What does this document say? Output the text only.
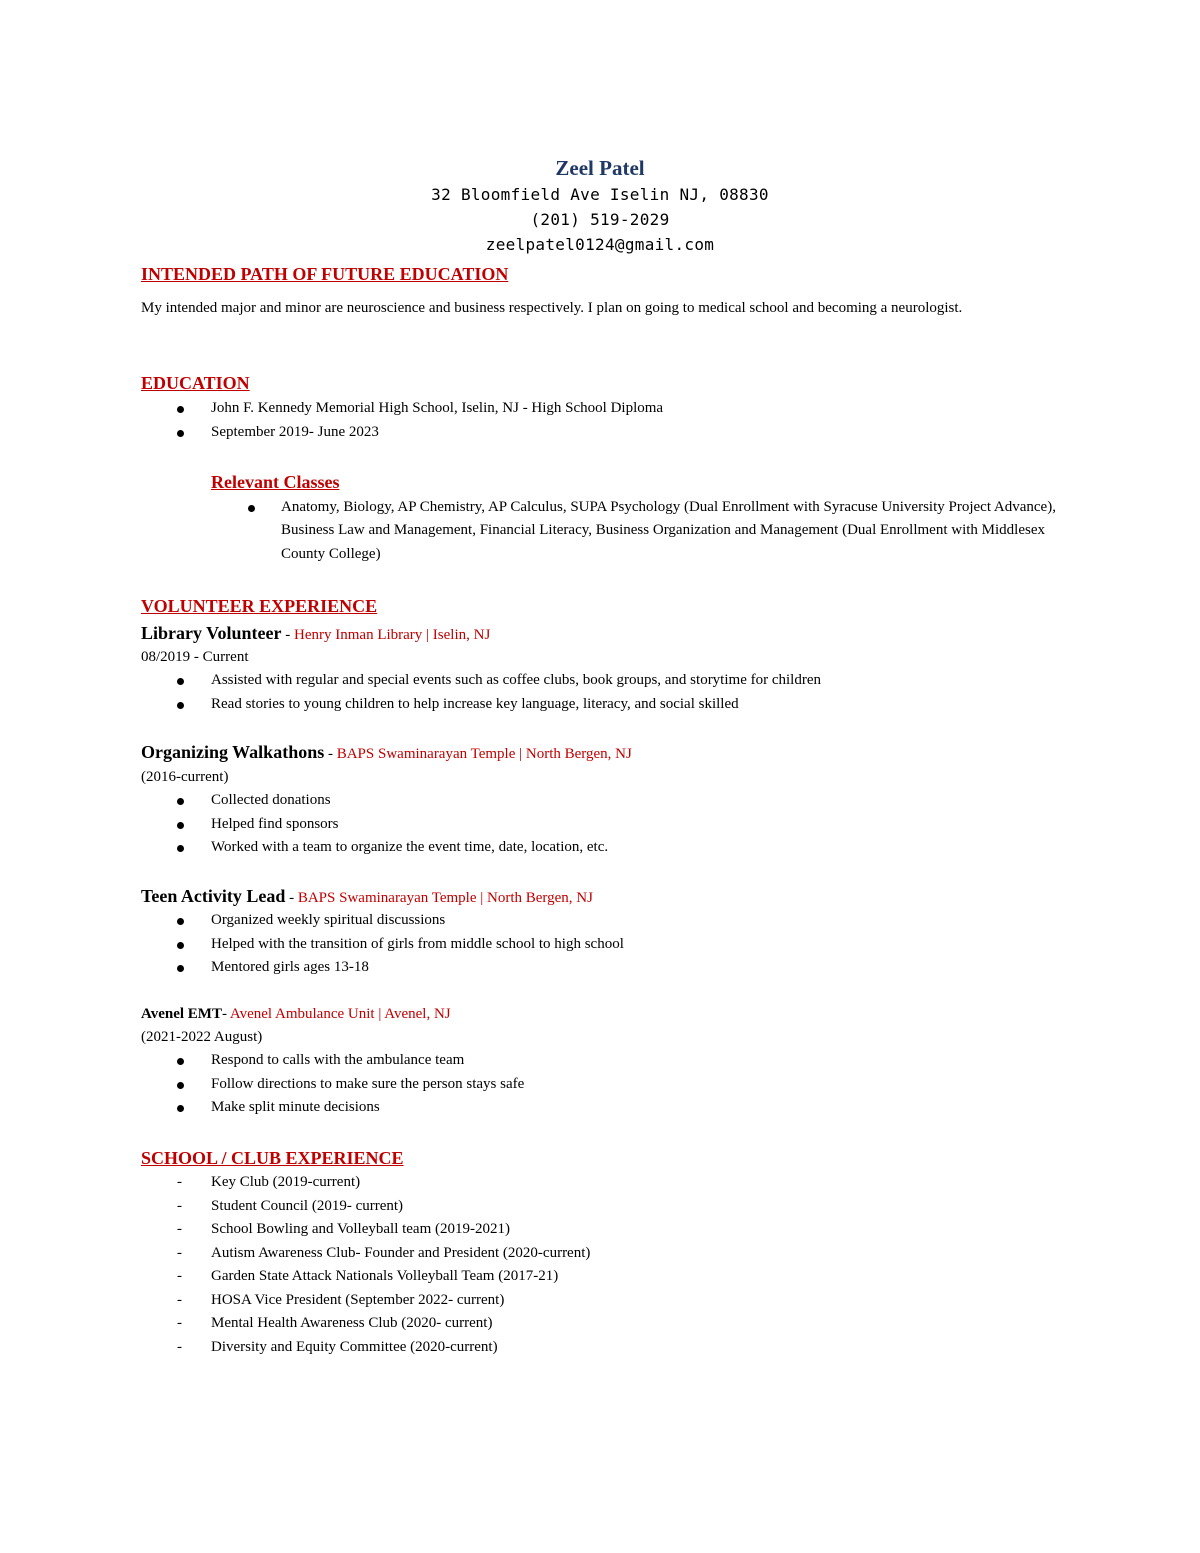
Zeel Patel
32 Bloomfield Ave Iselin NJ, 08830
(201) 519-2029
zeelpatel0124@gmail.com
INTENDED PATH OF FUTURE EDUCATION
My intended major and minor are neuroscience and business respectively. I plan on going to medical school and becoming a neurologist.
EDUCATION
John F. Kennedy Memorial High School, Iselin, NJ - High School Diploma
September 2019- June 2023
Relevant Classes
Anatomy, Biology, AP Chemistry, AP Calculus, SUPA Psychology (Dual Enrollment with Syracuse University Project Advance), Business Law and Management, Financial Literacy, Business Organization and Management (Dual Enrollment with Middlesex County College)
VOLUNTEER EXPERIENCE
Library Volunteer - Henry Inman Library | Iselin, NJ
08/2019 - Current
Assisted with regular and special events such as coffee clubs, book groups, and storytime for children
Read stories to young children to help increase key language, literacy, and social skilled
Organizing Walkathons - BAPS Swaminarayan Temple | North Bergen, NJ
(2016-current)
Collected donations
Helped find sponsors
Worked with a team to organize the event time, date, location, etc.
Teen Activity Lead - BAPS Swaminarayan Temple | North Bergen, NJ
Organized weekly spiritual discussions
Helped with the transition of girls from middle school to high school
Mentored girls ages 13-18
Avenel EMT- Avenel Ambulance Unit | Avenel, NJ
(2021-2022 August)
Respond to calls with the ambulance team
Follow directions to make sure the person stays safe
Make split minute decisions
SCHOOL / CLUB EXPERIENCE
- Key Club (2019-current)
- Student Council (2019- current)
- School Bowling and Volleyball team (2019-2021)
- Autism Awareness Club- Founder and President (2020-current)
- Garden State Attack Nationals Volleyball Team (2017-21)
- HOSA Vice President (September 2022- current)
- Mental Health Awareness Club (2020- current)
- Diversity and Equity Committee (2020-current)
